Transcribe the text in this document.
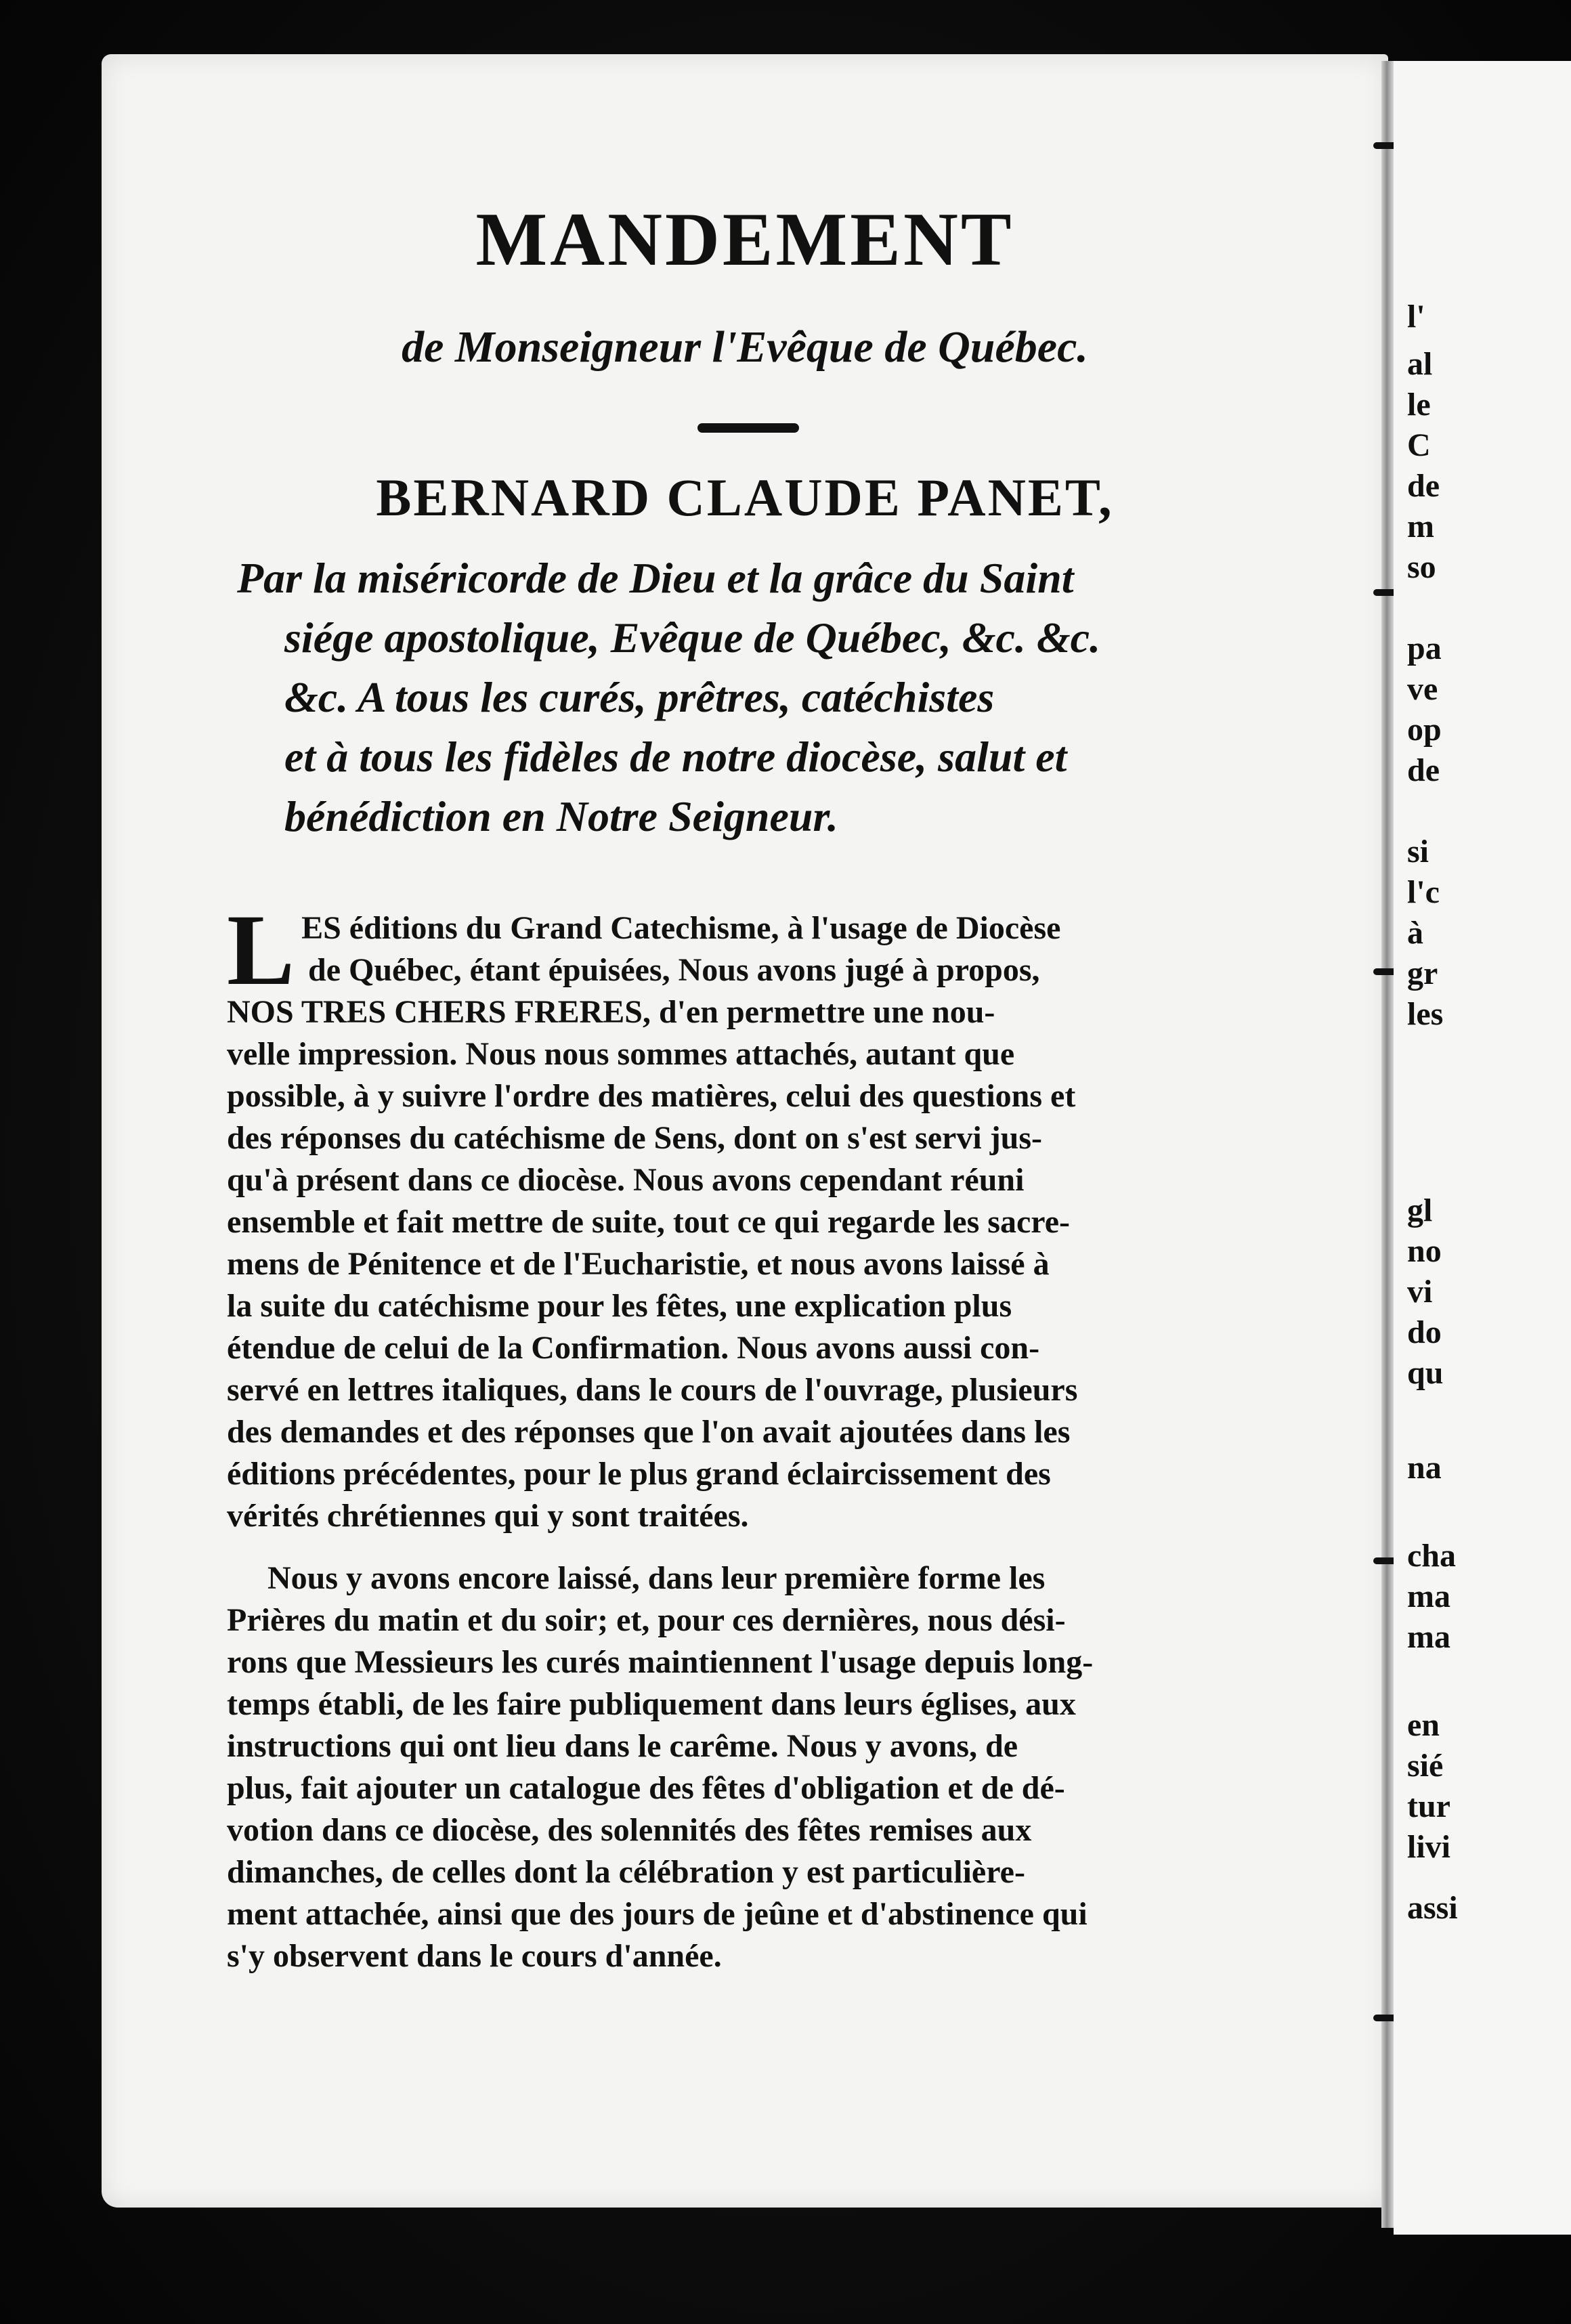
MANDEMENT
de Monseigneur l'Evêque de Québec.
BERNARD CLAUDE PANET,
Par la miséricorde de Dieu et la grâce du Saint
siége apostolique, Evêque de Québec, &c. &c.
&c. A tous les curés, prêtres, catéchistes
et à tous les fidèles de notre diocèse, salut et
bénédiction en Notre Seigneur.
L ES éditions du Grand Catechisme, à l'usage de Diocèse
de Québec, étant épuisées, Nous avons jugé à propos,
NOS TRES CHERS FRERES, d'en permettre une nou-
velle impression. Nous nous sommes attachés, autant que
possible, à y suivre l'ordre des matières, celui des questions et
des réponses du catéchisme de Sens, dont on s'est servi jus-
qu'à présent dans ce diocèse. Nous avons cependant réuni
ensemble et fait mettre de suite, tout ce qui regarde les sacre-
mens de Pénitence et de l'Eucharistie, et nous avons laissé à
la suite du catéchisme pour les fêtes, une explication plus
étendue de celui de la Confirmation. Nous avons aussi con-
servé en lettres italiques, dans le cours de l'ouvrage, plusieurs
des demandes et des réponses que l'on avait ajoutées dans les
éditions précédentes, pour le plus grand éclaircissement des
vérités chrétiennes qui y sont traitées.
Nous y avons encore laissé, dans leur première forme les
Prières du matin et du soir; et, pour ces dernières, nous dési-
rons que Messieurs les curés maintiennent l'usage depuis long-
temps établi, de les faire publiquement dans leurs églises, aux
instructions qui ont lieu dans le carême. Nous y avons, de
plus, fait ajouter un catalogue des fêtes d'obligation et de dé-
votion dans ce diocèse, des solennités des fêtes remises aux
dimanches, de celles dont la célébration y est particulière-
ment attachée, ainsi que des jours de jeûne et d'abstinence qui
s'y observent dans le cours d'année.
l'
al
le
C
de
m
so
pa
ve
op
de
si
l'c
à
gr
les
gl
no
vi
do
qu
na
cha
ma
ma
en
sié
tur
livi
assi
